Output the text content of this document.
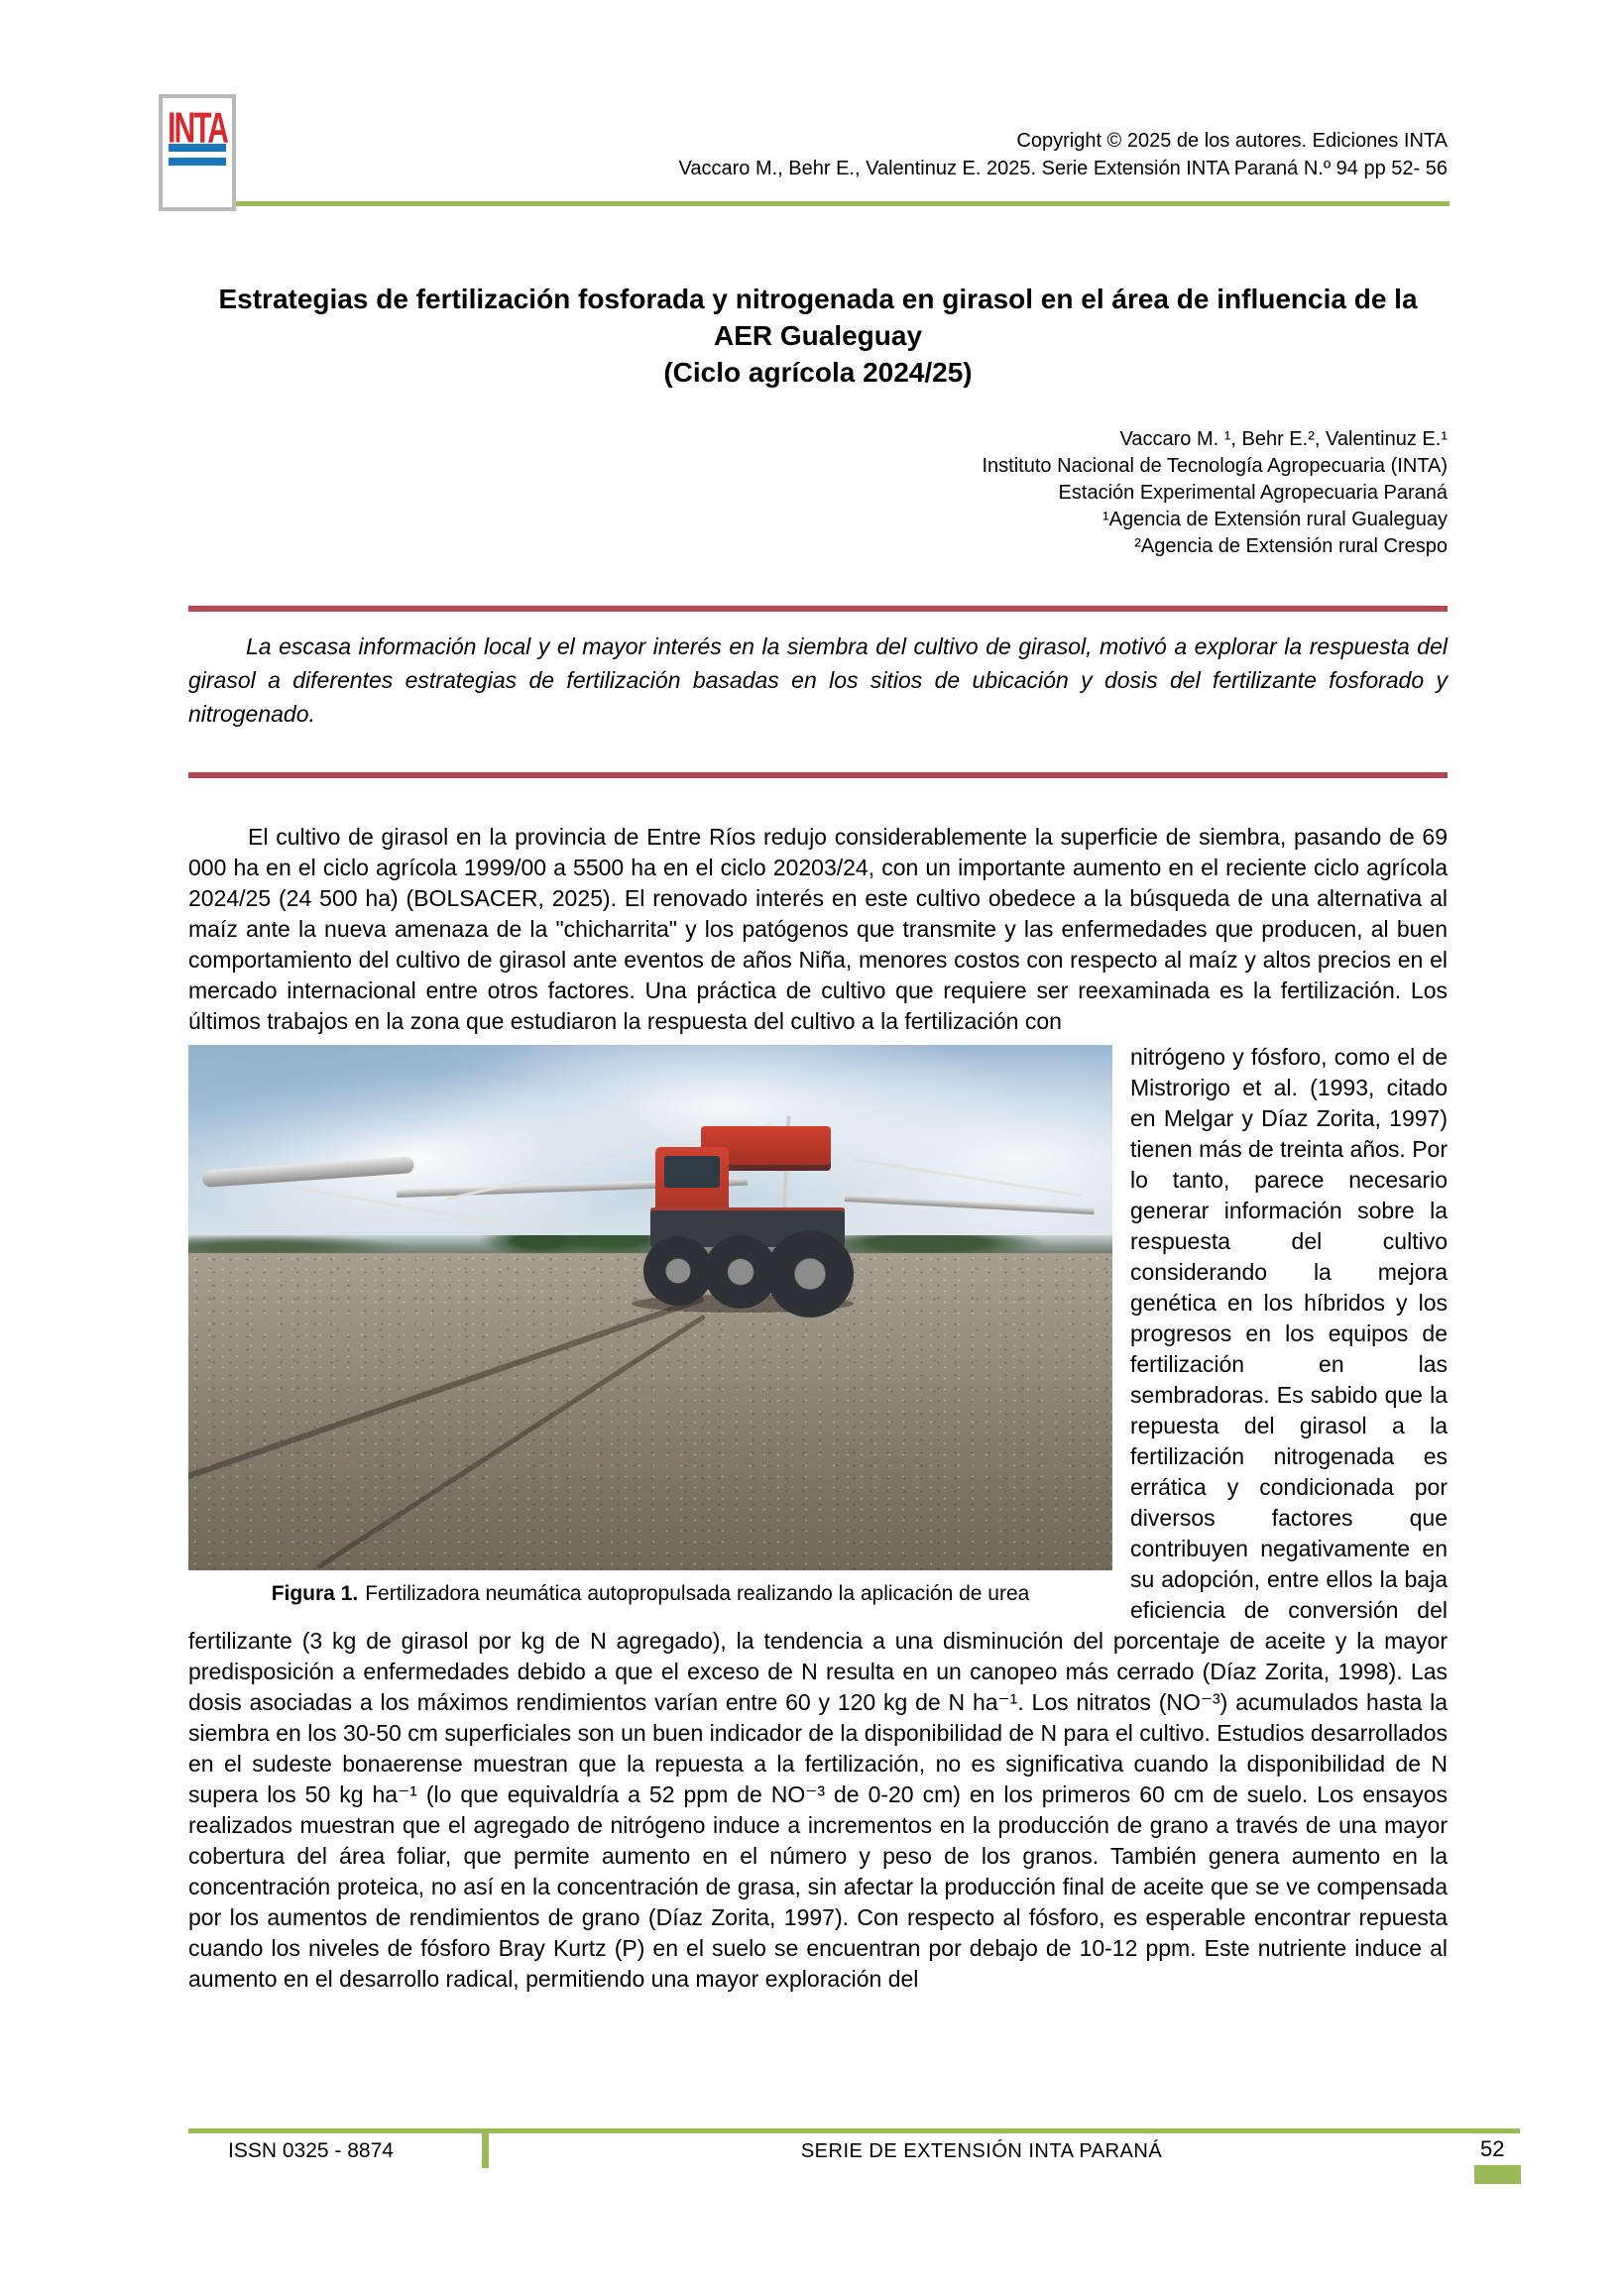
INTA	Copyright © 2025 de los autores. Ediciones INTA
Vaccaro M., Behr E., Valentinuz E. 2025. Serie Extensión INTA Paraná N.º 94 pp 52- 56
Estrategias de fertilización fosforada y nitrogenada en girasol en el área de influencia de la AER Gualeguay
(Ciclo agrícola 2024/25)
Vaccaro M. ¹, Behr E.², Valentinuz E.¹
Instituto Nacional de Tecnología Agropecuaria (INTA)
Estación Experimental Agropecuaria Paraná
¹Agencia de Extensión rural Gualeguay
²Agencia de Extensión rural Crespo

La escasa información local y el mayor interés en la siembra del cultivo de girasol, motivó a explorar la respuesta del girasol a diferentes estrategias de fertilización basadas en los sitios de ubicación y dosis del fertilizante fosforado y nitrogenado.

El cultivo de girasol en la provincia de Entre Ríos redujo considerablemente la superficie de siembra, pasando de 69 000 ha en el ciclo agrícola 1999/00 a 5500 ha en el ciclo 20203/24, con un importante aumento en el reciente ciclo agrícola 2024/25 (24 500 ha) (BOLSACER, 2025). El renovado interés en este cultivo obedece a la búsqueda de una alternativa al maíz ante la nueva amenaza de la "chicharrita" y los patógenos que transmite y las enfermedades que producen, al buen comportamiento del cultivo de girasol ante eventos de años Niña, menores costos con respecto al maíz y altos precios en el mercado internacional entre otros factores. Una práctica de cultivo que requiere ser reexaminada es la fertilización. Los últimos trabajos en la zona que estudiaron la respuesta del cultivo a la fertilización con

Figura 1. Fertilizadora neumática autopropulsada realizando la aplicación de urea

nitrógeno y fósforo, como el de Mistrorigo et al. (1993, citado en Melgar y Díaz Zorita, 1997) tienen más de treinta años. Por lo tanto, parece necesario generar información sobre la respuesta del cultivo considerando la mejora genética en los híbridos y los progresos en los equipos de fertilización en las sembradoras. Es sabido que la repuesta del girasol a la fertilización nitrogenada es errática y condicionada por diversos factores que contribuyen negativamente en su adopción, entre ellos la baja eficiencia de conversión del fertilizante (3 kg de girasol por kg de N agregado), la tendencia a una disminución del porcentaje de aceite y la mayor predisposición a enfermedades debido a que el exceso de N resulta en un canopeo más cerrado (Díaz Zorita, 1998). Las dosis asociadas a los máximos rendimientos varían entre 60 y 120 kg de N ha⁻¹. Los nitratos (NO⁻³) acumulados hasta la siembra en los 30-50 cm superficiales son un buen indicador de la disponibilidad de N para el cultivo. Estudios desarrollados en el sudeste bonaerense muestran que la repuesta a la fertilización, no es significativa cuando la disponibilidad de N supera los 50 kg ha⁻¹ (lo que equivaldría a 52 ppm de NO⁻³ de 0-20 cm) en los primeros 60 cm de suelo. Los ensayos realizados muestran que el agregado de nitrógeno induce a incrementos en la producción de grano a través de una mayor cobertura del área foliar, que permite aumento en el número y peso de los granos. También genera aumento en la concentración proteica, no así en la concentración de grasa, sin afectar la producción final de aceite que se ve compensada por los aumentos de rendimientos de grano (Díaz Zorita, 1997). Con respecto al fósforo, es esperable encontrar repuesta cuando los niveles de fósforo Bray Kurtz (P) en el suelo se encuentran por debajo de 10-12 ppm. Este nutriente induce al aumento en el desarrollo radical, permitiendo una mayor exploración del

ISSN 0325 - 8874	SERIE DE EXTENSIÓN INTA PARANÁ	52
